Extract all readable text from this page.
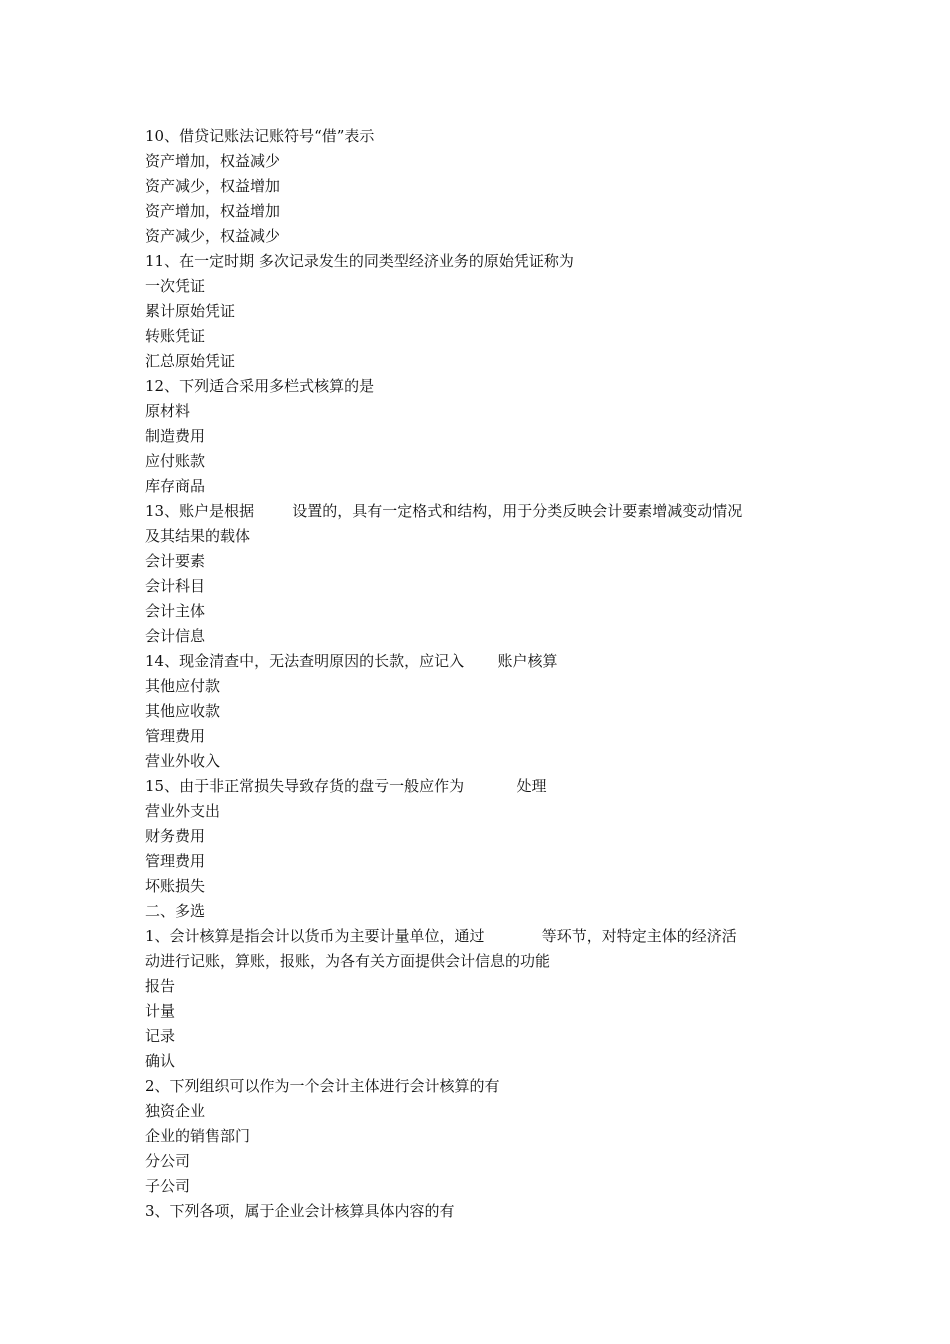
10、借贷记账法记账符号“借”表示
资产增加，权益减少
资产减少，权益增加
资产增加，权益增加
资产减少，权益减少
11、在一定时期 多次记录发生的同类型经济业务的原始凭证称为
一次凭证
累计原始凭证
转账凭证
汇总原始凭证
12、下列适合采用多栏式核算的是
原材料
制造费用
应付账款
库存商品
13、账户是根据        设置的，具有一定格式和结构，用于分类反映会计要素增减变动情况
及其结果的载体
会计要素
会计科目
会计主体
会计信息
14、现金清查中，无法查明原因的长款，应记入       账户核算
其他应付款
其他应收款
管理费用
营业外收入
15、由于非正常损失导致存货的盘亏一般应作为           处理
营业外支出
财务费用
管理费用
坏账损失
二、多选
1、会计核算是指会计以货币为主要计量单位，通过            等环节，对特定主体的经济活
动进行记账，算账，报账，为各有关方面提供会计信息的功能
报告
计量
记录
确认
2、下列组织可以作为一个会计主体进行会计核算的有
独资企业
企业的销售部门
分公司
子公司
3、下列各项，属于企业会计核算具体内容的有
